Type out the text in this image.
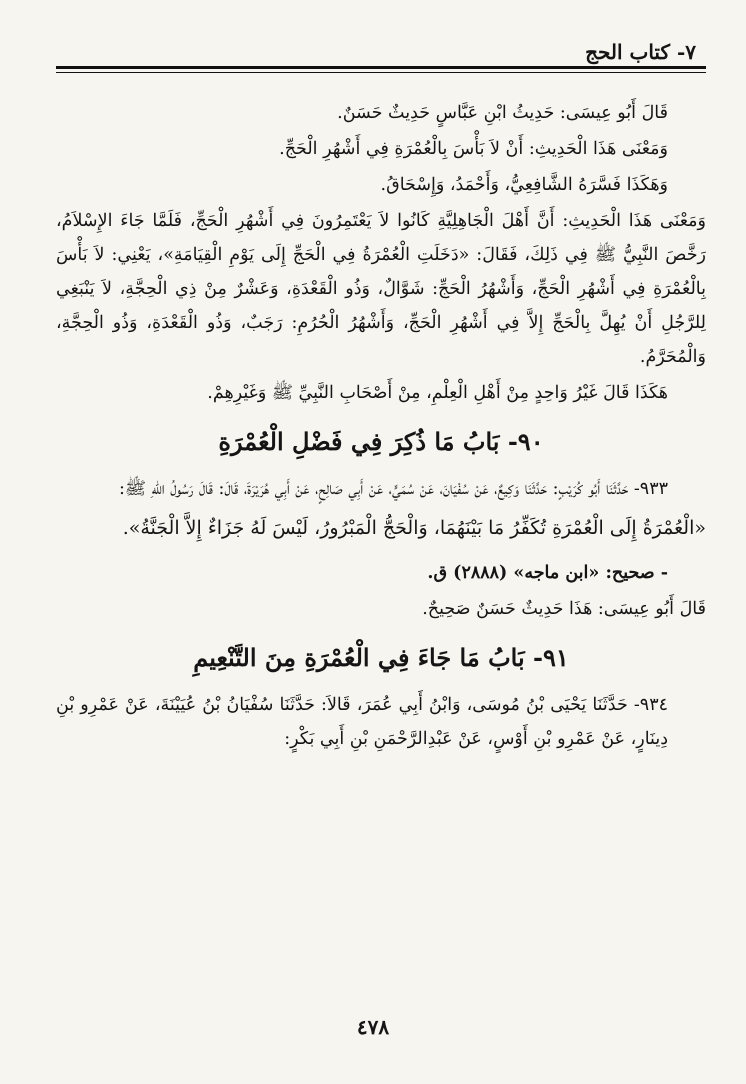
٧- كتاب الحج

قَالَ أَبُو عِيسَى: حَدِيثُ ابْنِ عَبَّاسٍ حَدِيثٌ حَسَنٌ.

وَمَعْنَى هَذَا الْحَدِيثِ: أَنْ لاَ بَأْسَ بِالْعُمْرَةِ فِي أَشْهُرِ الْحَجِّ.

وَهَكَذَا فَسَّرَهُ الشَّافِعِيُّ، وَأَحْمَدُ، وَإِسْحَاقُ.

وَمَعْنَى هَذَا الْحَدِيثِ: أَنَّ أَهْلَ الْجَاهِلِيَّةِ كَانُوا لاَ يَعْتَمِرُونَ فِي أَشْهُرِ الْحَجِّ، فَلَمَّا جَاءَ الإِسْلاَمُ، رَخَّصَ النَّبِيُّ ﷺ فِي ذَلِكَ، فَقَالَ: «دَخَلَتِ الْعُمْرَةُ فِي الْحَجِّ إِلَى يَوْمِ الْقِيَامَةِ»، يَعْنِي: لاَ بَأْسَ بِالْعُمْرَةِ فِي أَشْهُرِ الْحَجِّ، وَأَشْهُرُ الْحَجِّ: شَوَّالٌ، وَذُو الْقَعْدَةِ، وَعَشْرٌ مِنْ ذِي الْحِجَّةِ، لاَ يَنْبَغِي لِلرَّجُلِ أَنْ يُهِلَّ بِالْحَجِّ إِلاَّ فِي أَشْهُرِ الْحَجِّ، وَأَشْهُرُ الْحُرُمِ: رَجَبٌ، وَذُو الْقَعْدَةِ، وَذُو الْحِجَّةِ، وَالْمُحَرَّمُ.

هَكَذَا قَالَ غَيْرُ وَاحِدٍ مِنْ أَهْلِ الْعِلْمِ، مِنْ أَصْحَابِ النَّبِيِّ ﷺ وَغَيْرِهِمْ.

٩٠- بَابُ مَا ذُكِرَ فِي فَضْلِ الْعُمْرَةِ

٩٣٣- حَدَّثَنَا أَبُو كُرَيْبٍ: حَدَّثَنَا وَكِيعٌ، عَنْ سُفْيَانَ، عَنْ سُمَيٍّ، عَنْ أَبِي صَالِحٍ، عَنْ أَبِي هُرَيْرَةَ، قَالَ: قَالَ رَسُولُ اللهِ ﷺ:

«الْعُمْرَةُ إِلَى الْعُمْرَةِ تُكَفِّرُ مَا بَيْنَهُمَا، وَالْحَجُّ الْمَبْرُورُ، لَيْسَ لَهُ جَزَاءٌ إِلاَّ الْجَنَّةُ».

- صحيح: «ابن ماجه» (٢٨٨٨) ق.

قَالَ أَبُو عِيسَى: هَذَا حَدِيثٌ حَسَنٌ صَحِيحٌ.

٩١- بَابُ مَا جَاءَ فِي الْعُمْرَةِ مِنَ التَّنْعِيمِ

٩٣٤- حَدَّثَنَا يَحْيَى بْنُ مُوسَى، وَابْنُ أَبِي عُمَرَ، قَالاَ: حَدَّثَنَا سُفْيَانُ بْنُ عُيَيْنَةَ، عَنْ عَمْرِو بْنِ دِينَارٍ، عَنْ عَمْرِو بْنِ أَوْسٍ، عَنْ عَبْدِالرَّحْمَنِ بْنِ أَبِي بَكْرٍ:

٤٧٨
